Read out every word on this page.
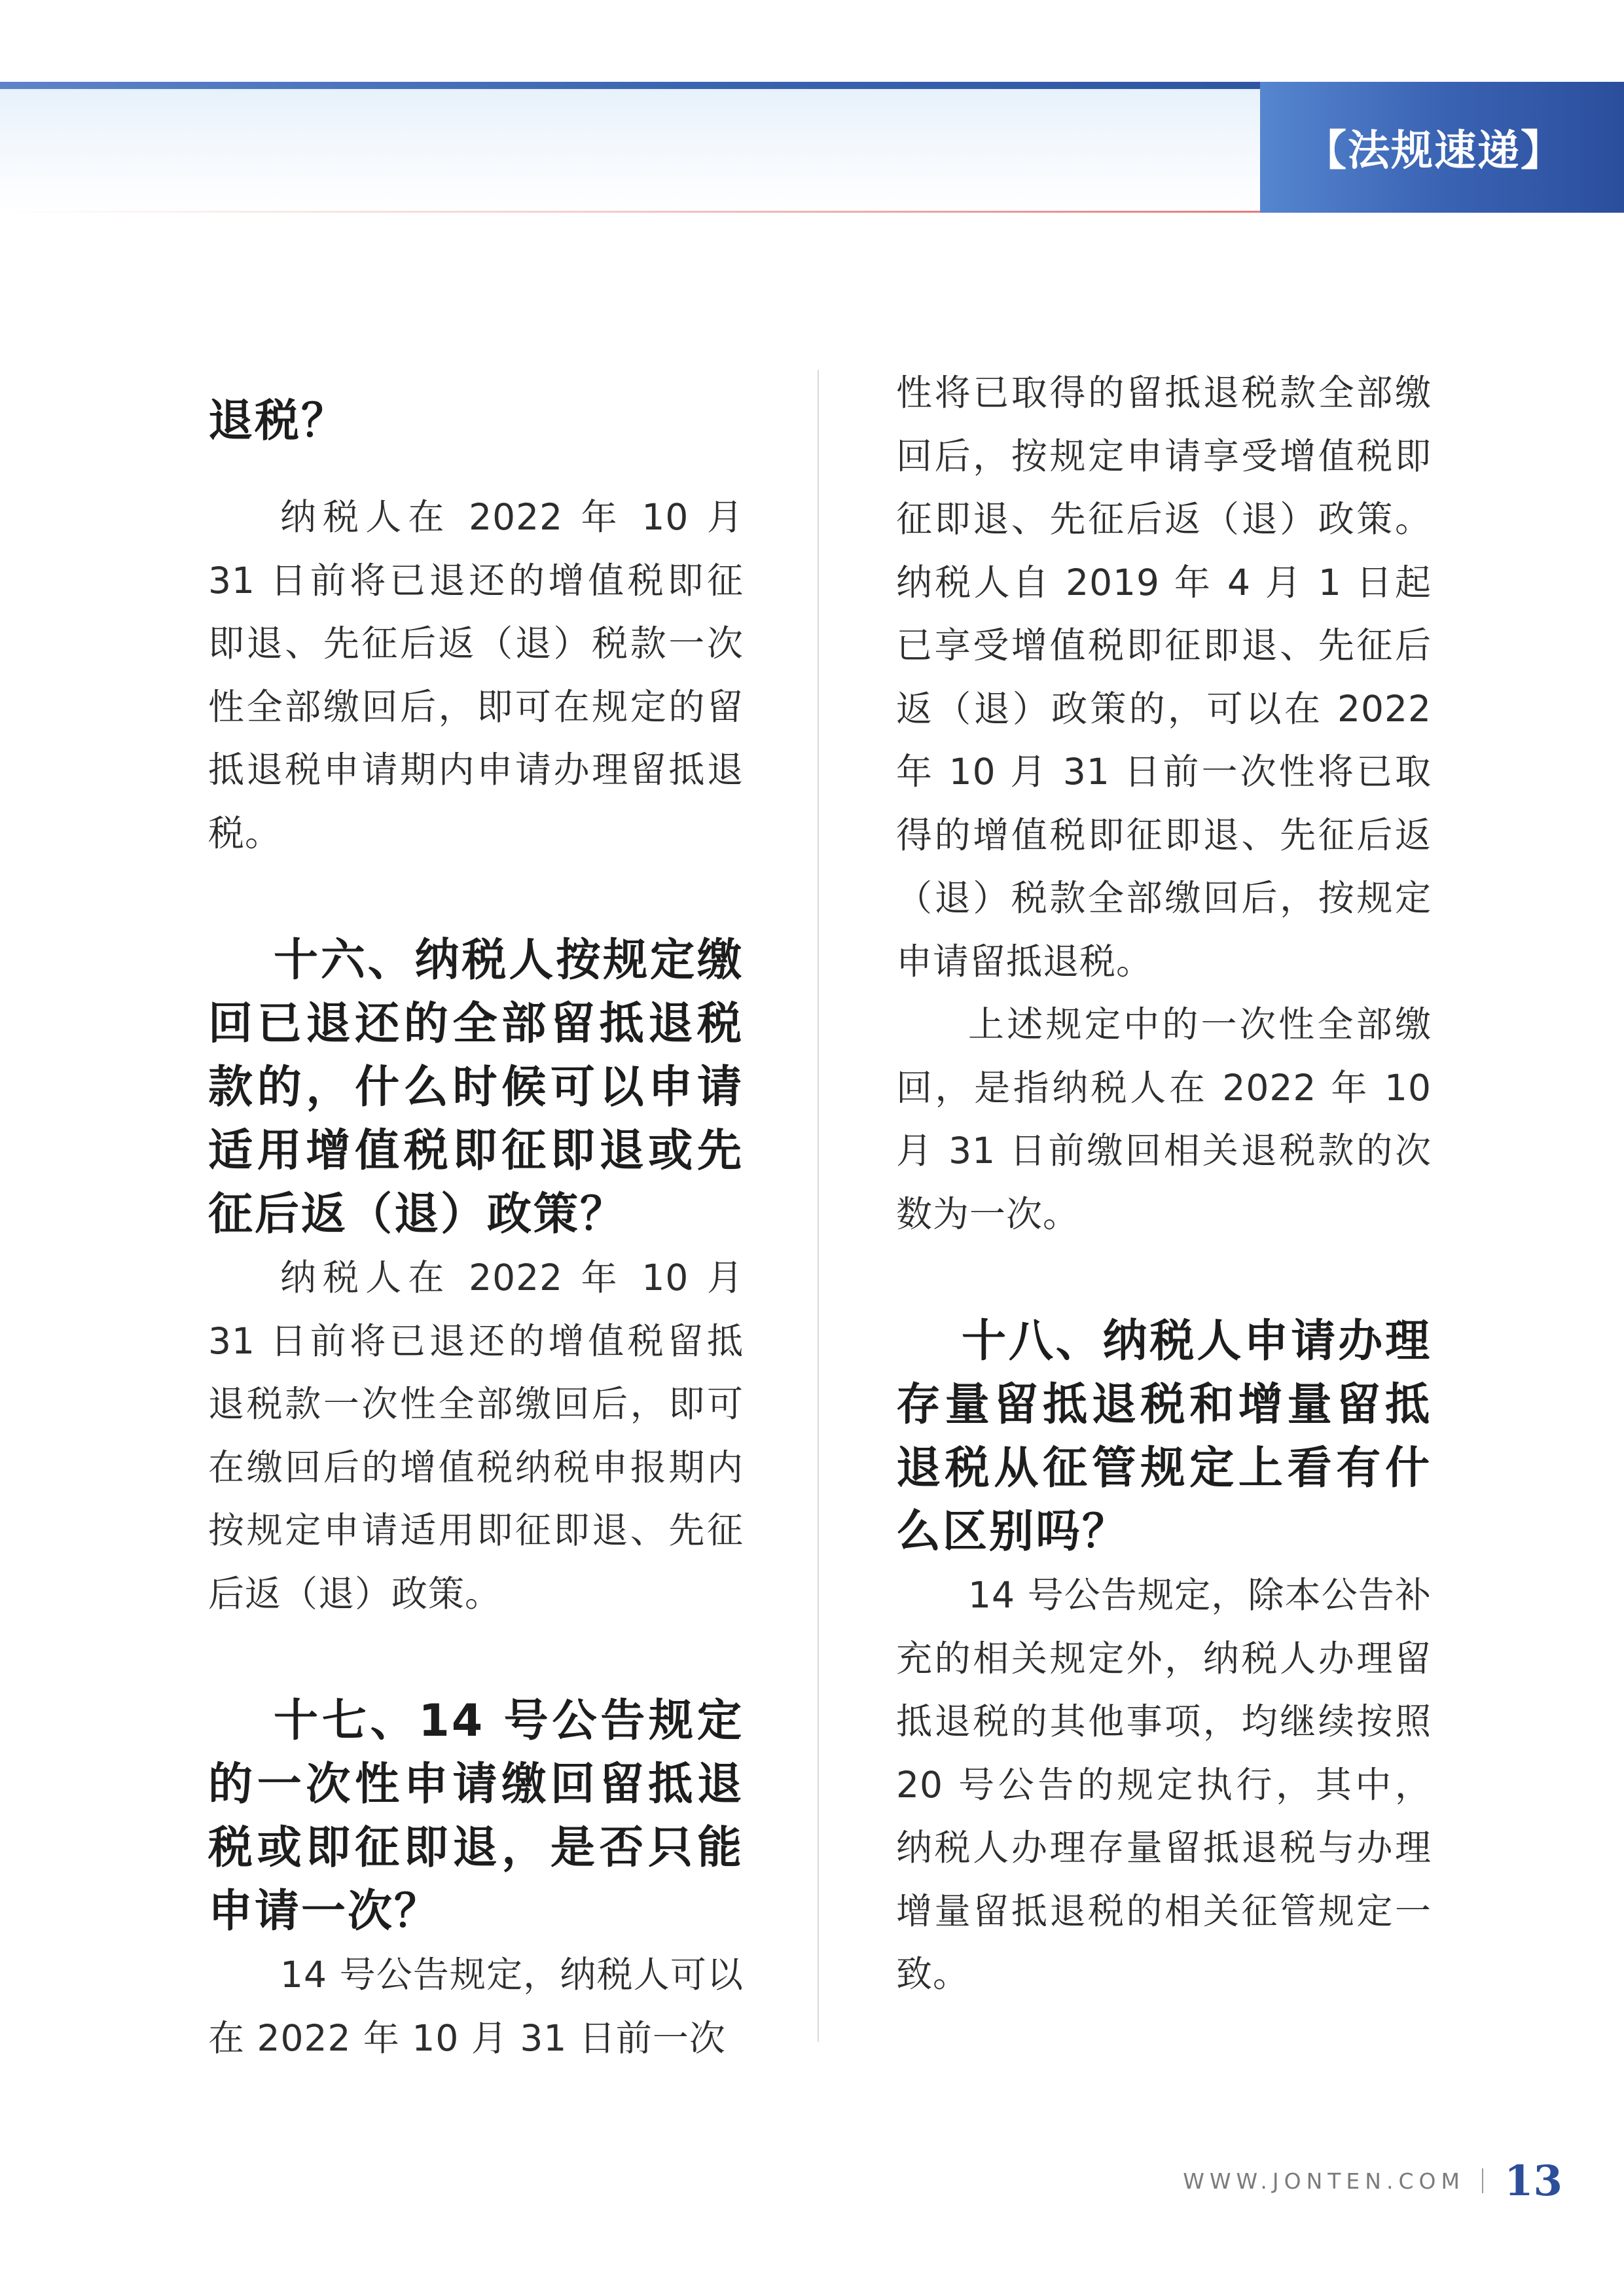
【法规速递】

退税？

纳税人在 2022 年 10 月 31 日前将已退还的增值税即征即退、先征后返（退）税款一次性全部缴回后，即可在规定的留抵退税申请期内申请办理留抵退税。

十六、纳税人按规定缴回已退还的全部留抵退税款的，什么时候可以申请适用增值税即征即退或先征后返（退）政策？

纳税人在 2022 年 10 月 31 日前将已退还的增值税留抵退税款一次性全部缴回后，即可在缴回后的增值税纳税申报期内按规定申请适用即征即退、先征后返（退）政策。

十七、14 号公告规定的一次性申请缴回留抵退税或即征即退，是否只能申请一次？

14 号公告规定，纳税人可以在 2022 年 10 月 31 日前一次

性将已取得的留抵退税款全部缴回后，按规定申请享受增值税即征即退、先征后返（退）政策。纳税人自 2019 年 4 月 1 日起已享受增值税即征即退、先征后返（退）政策的，可以在 2022 年 10 月 31 日前一次性将已取得的增值税即征即退、先征后返（退）税款全部缴回后，按规定申请留抵退税。

上述规定中的一次性全部缴回，是指纳税人在 2022 年 10 月 31 日前缴回相关退税款的次数为一次。

十八、纳税人申请办理存量留抵退税和增量留抵退税从征管规定上看有什么区别吗？

14 号公告规定，除本公告补充的相关规定外，纳税人办理留抵退税的其他事项，均继续按照 20 号公告的规定执行，其中，纳税人办理存量留抵退税与办理增量留抵退税的相关征管规定一致。

WWW.JONTEN.COM 13
